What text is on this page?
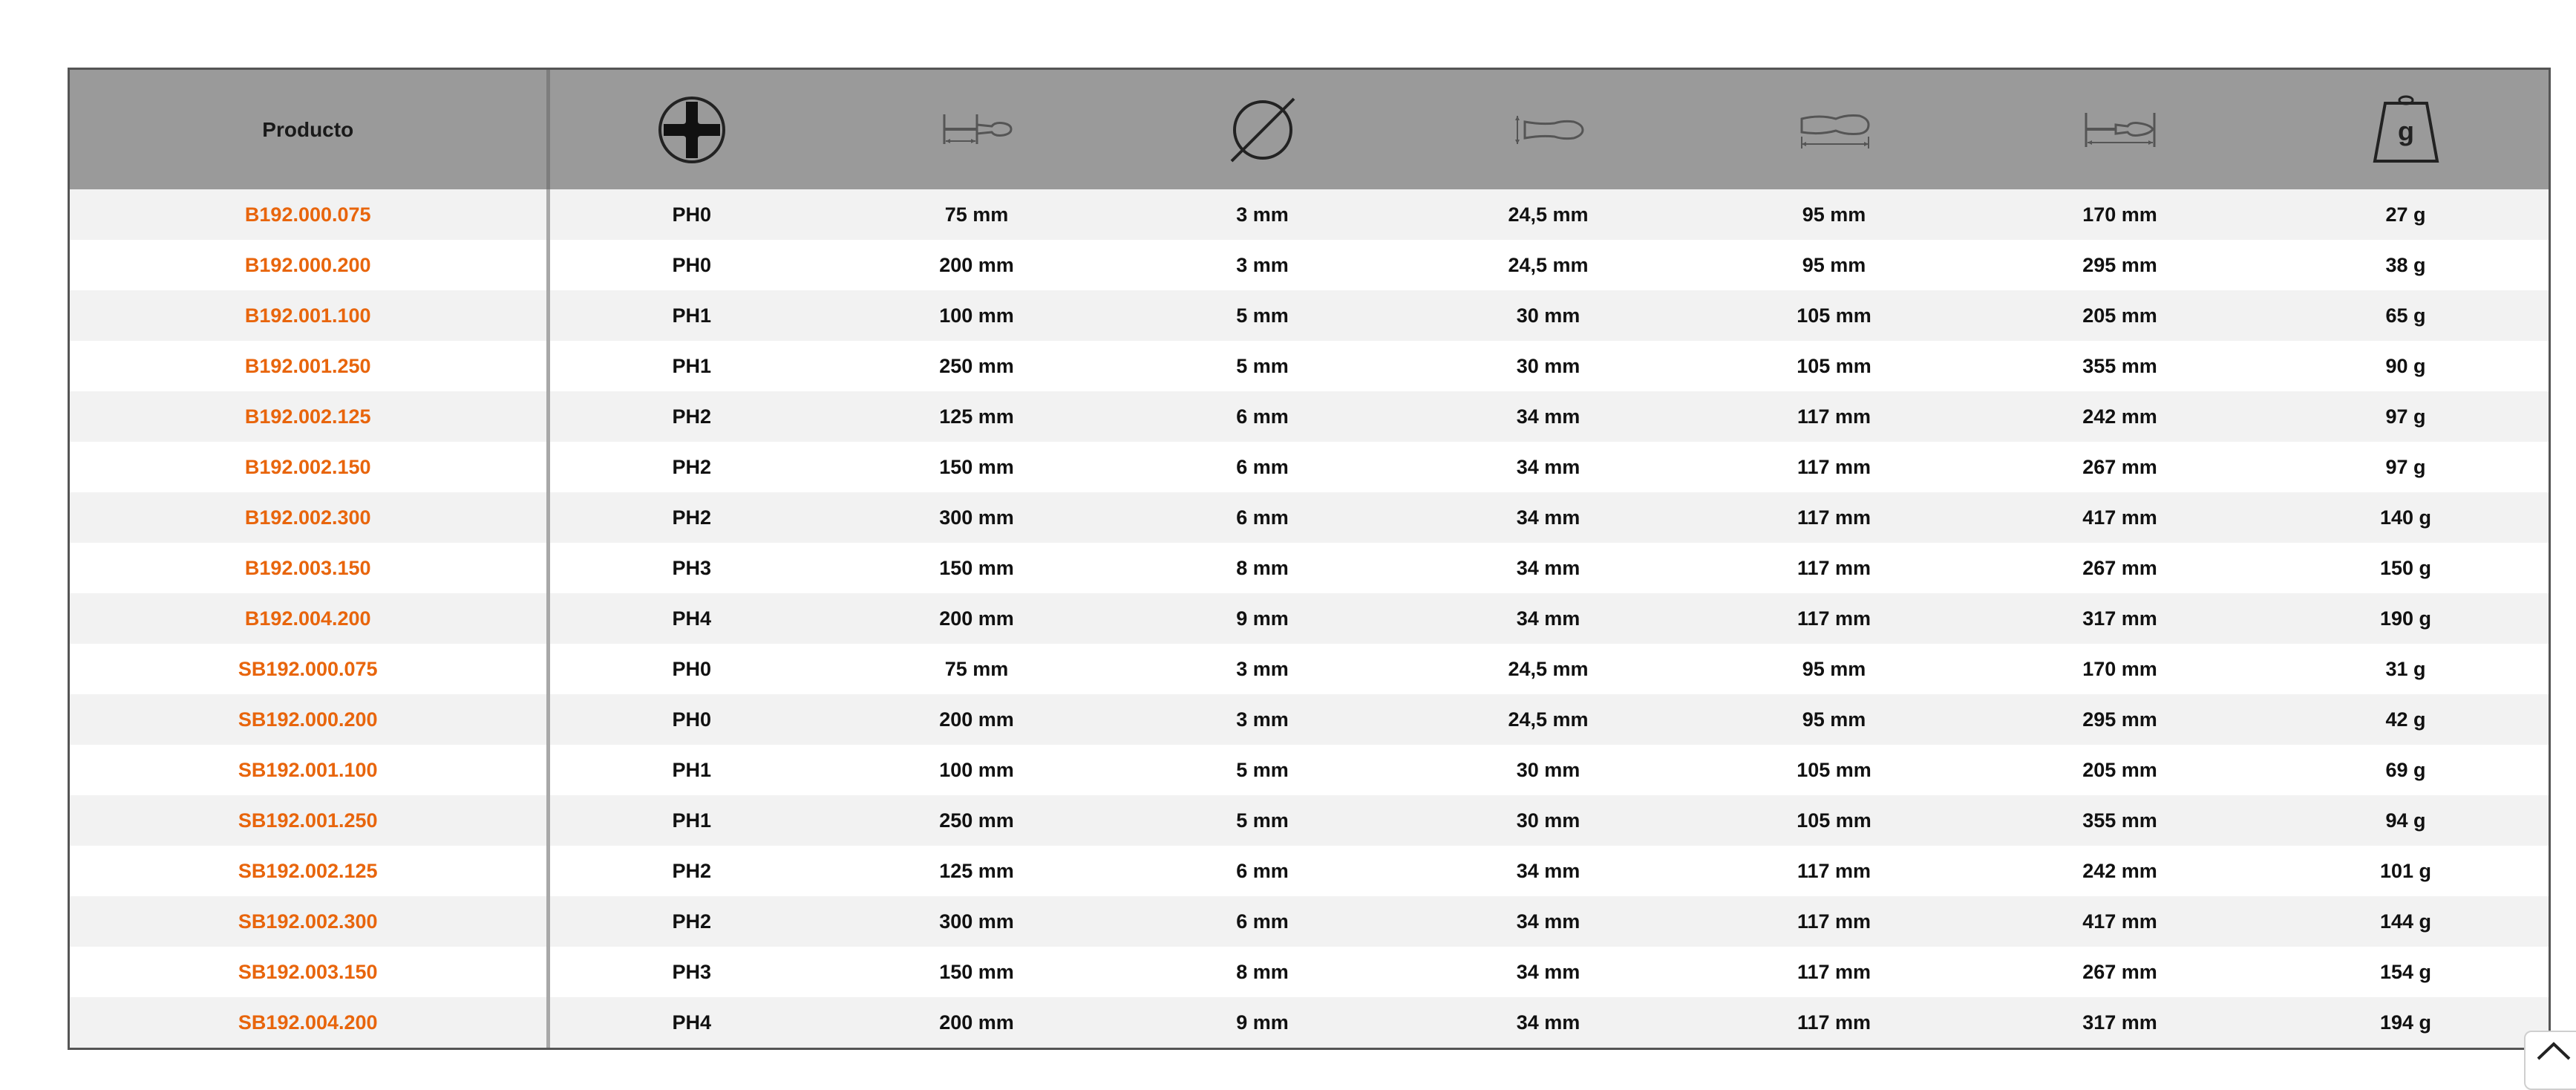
Producto							g

B192.000.075	PH0	75 mm	3 mm	24,5 mm	95 mm	170 mm	27 g
B192.000.200	PH0	200 mm	3 mm	24,5 mm	95 mm	295 mm	38 g
B192.001.100	PH1	100 mm	5 mm	30 mm	105 mm	205 mm	65 g
B192.001.250	PH1	250 mm	5 mm	30 mm	105 mm	355 mm	90 g
B192.002.125	PH2	125 mm	6 mm	34 mm	117 mm	242 mm	97 g
B192.002.150	PH2	150 mm	6 mm	34 mm	117 mm	267 mm	97 g
B192.002.300	PH2	300 mm	6 mm	34 mm	117 mm	417 mm	140 g
B192.003.150	PH3	150 mm	8 mm	34 mm	117 mm	267 mm	150 g
B192.004.200	PH4	200 mm	9 mm	34 mm	117 mm	317 mm	190 g
SB192.000.075	PH0	75 mm	3 mm	24,5 mm	95 mm	170 mm	31 g
SB192.000.200	PH0	200 mm	3 mm	24,5 mm	95 mm	295 mm	42 g
SB192.001.100	PH1	100 mm	5 mm	30 mm	105 mm	205 mm	69 g
SB192.001.250	PH1	250 mm	5 mm	30 mm	105 mm	355 mm	94 g
SB192.002.125	PH2	125 mm	6 mm	34 mm	117 mm	242 mm	101 g
SB192.002.300	PH2	300 mm	6 mm	34 mm	117 mm	417 mm	144 g
SB192.003.150	PH3	150 mm	8 mm	34 mm	117 mm	267 mm	154 g
SB192.004.200	PH4	200 mm	9 mm	34 mm	117 mm	317 mm	194 g
